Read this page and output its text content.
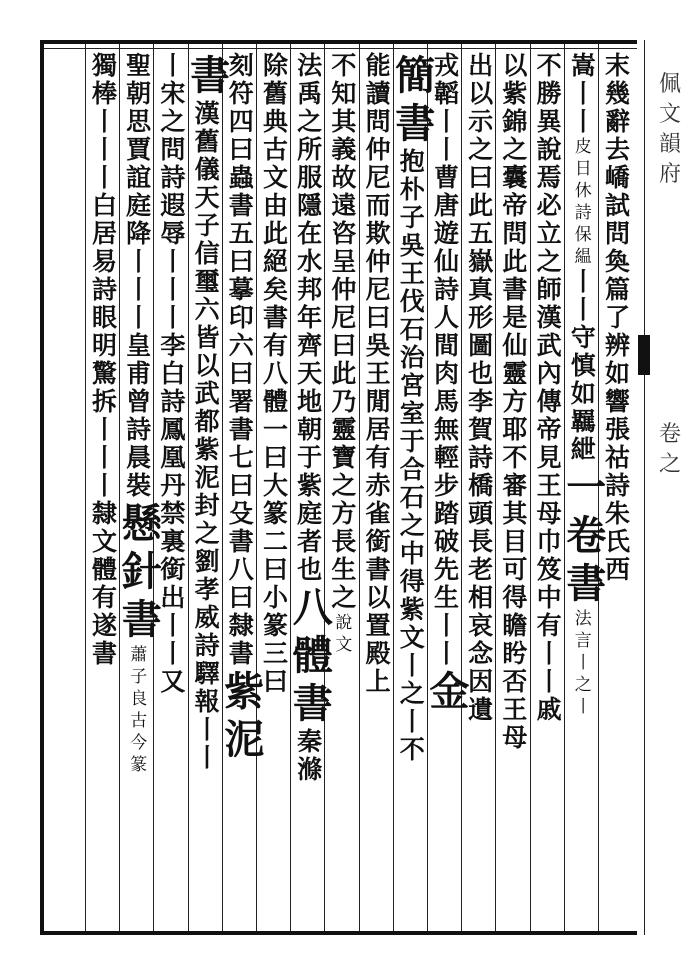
末
幾
辭
去
嶠
試
問
奐
篇
了
辨
如
響
張
祜
詩
朱
氏
西
嵩
丨
丨
皮
日
休
詩
保
緼
丨
丨
守
慎
如
羈
紲
一
卷
書
法
言
丨
之
丨
不
勝
異
說
焉
必
立
之
師
漢
武
內
傳
帝
見
王
母
巾
笈
中
有
丨
丨
戚
以
紫
錦
之
囊
帝
問
此
書
是
仙
靈
方
耶
不
審
其
目
可
得
瞻
盻
否
王
母
出
以
示
之
曰
此
五
嶽
真
形
圖
也
李
賀
詩
橋
頭
長
老
相
哀
念
因
遺
戎
韜
丨
丨
曹
唐
遊
仙
詩
人
間
肉
馬
無
輕
步
踏
破
先
生
丨
丨
金
簡
書
抱
朴
子
吳
王
伐
石
治
宮
室
于
合
石
之
中
得
紫
文
丨
之
丨
不
能
讀
問
仲
尼
而
欺
仲
尼
曰
吳
王
閒
居
有
赤
雀
銜
書
以
置
殿
上
不
知
其
義
故
遠
咨
呈
仲
尼
曰
此
乃
靈
寶
之
方
長
生
之
說
文
法
禹
之
所
服
隱
在
水
邦
年
齊
天
地
朝
于
紫
庭
者
也
八
體
書
秦
滌
除
舊
典
古
文
由
此
絕
矣
書
有
八
體
一
曰
大
篆
二
曰
小
篆
三
曰
刻
符
四
曰
蟲
書
五
曰
摹
印
六
曰
署
書
七
曰
殳
書
八
曰
隸
書
紫
泥
書
漢
舊
儀
天
子
信
璽
六
皆
以
武
都
紫
泥
封
之
劉
孝
威
詩
驛
報
丨
丨
丨
宋
之
問
詩
遐
辱
丨
丨
丨
李
白
詩
鳳
凰
丹
禁
裏
銜
出
丨
丨
又
聖
朝
思
賈
誼
庭
降
丨
丨
丨
皇
甫
曾
詩
晨
裝
懸
針
書
蕭
子
良
古
今
篆
獨
棒
丨
丨
丨
白
居
易
詩
眼
明
驚
拆
丨
丨
丨
隸
文
體
有
遂
書
佩
文
韻
府
卷
之
